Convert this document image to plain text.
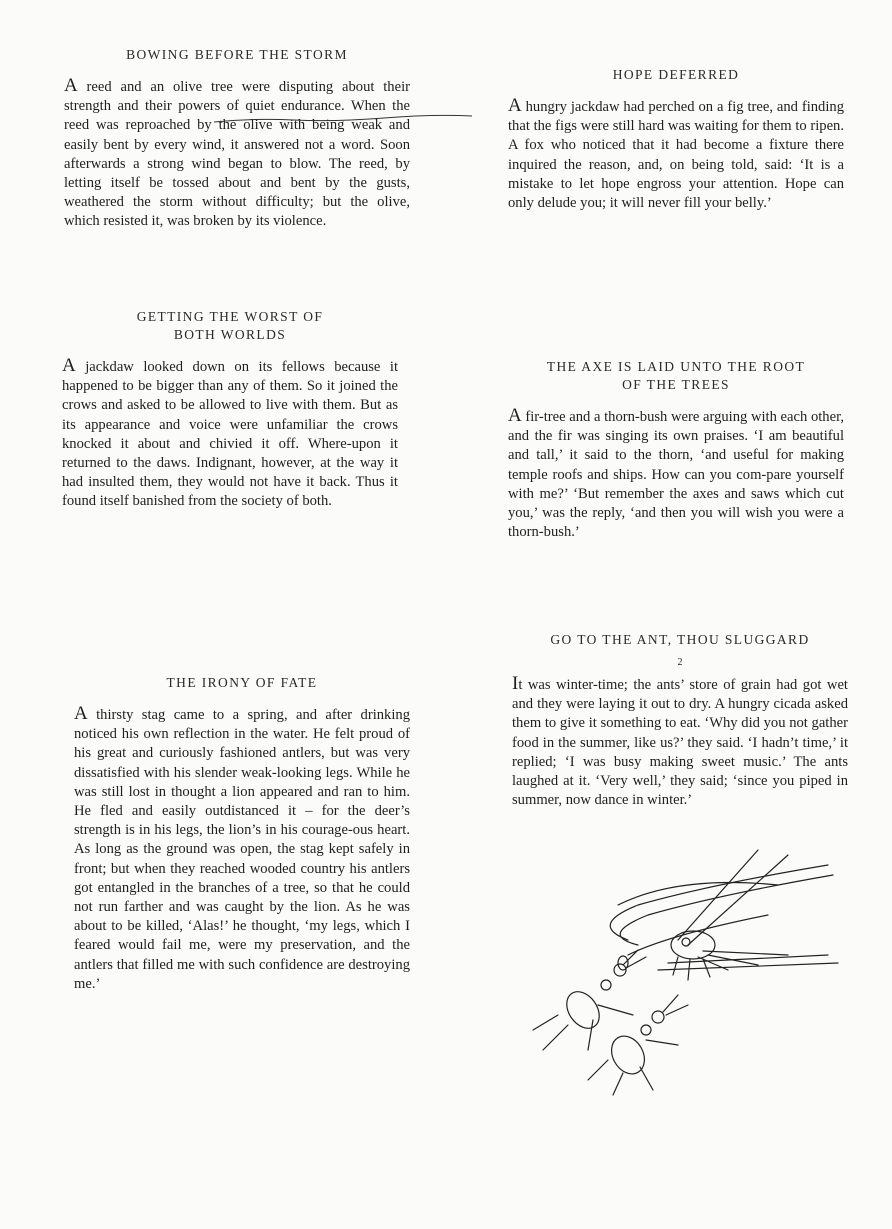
BOWING BEFORE THE STORM

A reed and an olive tree were disputing about their strength and their powers of quiet endurance. When the reed was reproached by the olive with being weak and easily bent by every wind, it answered not a word. Soon afterwards a strong wind began to blow. The reed, by letting itself be tossed about and bent by the gusts, weathered the storm without difficulty; but the olive, which resisted it, was broken by its violence.

HOPE DEFERRED

A hungry jackdaw had perched on a fig tree, and finding that the figs were still hard was waiting for them to ripen. A fox who noticed that it had become a fixture there inquired the reason, and, on being told, said: ‘It is a mistake to let hope engross your attention. Hope can only delude you; it will never fill your belly.’

GETTING THE WORST OF
BOTH WORLDS

A jackdaw looked down on its fellows because it happened to be bigger than any of them. So it joined the crows and asked to be allowed to live with them. But as its appearance and voice were unfamiliar the crows knocked it about and chivied it off. Where-upon it returned to the daws. Indignant, however, at the way it had insulted them, they would not have it back. Thus it found itself banished from the society of both.

THE AXE IS LAID UNTO THE ROOT
OF THE TREES

A fir-tree and a thorn-bush were arguing with each other, and the fir was singing its own praises. ‘I am beautiful and tall,’ it said to the thorn, ‘and useful for making temple roofs and ships. How can you com-pare yourself with me?’ ‘But remember the axes and saws which cut you,’ was the reply, ‘and then you will wish you were a thorn-bush.’

THE IRONY OF FATE

A thirsty stag came to a spring, and after drinking noticed his own reflection in the water. He felt proud of his great and curiously fashioned antlers, but was very dissatisfied with his slender weak-looking legs. While he was still lost in thought a lion appeared and ran to him. He fled and easily outdistanced it – for the deer’s strength is in his legs, the lion’s in his courage-ous heart. As long as the ground was open, the stag kept safely in front; but when they reached wooded country his antlers got entangled in the branches of a tree, so that he could not run farther and was caught by the lion. As he was about to be killed, ‘Alas!’ he thought, ‘my legs, which I feared would fail me, were my preservation, and the antlers that filled me with such confidence are destroying me.’

GO TO THE ANT, THOU SLUGGARD
2

It was winter-time; the ants’ store of grain had got wet and they were laying it out to dry. A hungry cicada asked them to give it something to eat. ‘Why did you not gather food in the summer, like us?’ they said. ‘I hadn’t time,’ it replied; ‘I was busy making sweet music.’ The ants laughed at it. ‘Very well,’ they said; ‘since you piped in summer, now dance in winter.’
